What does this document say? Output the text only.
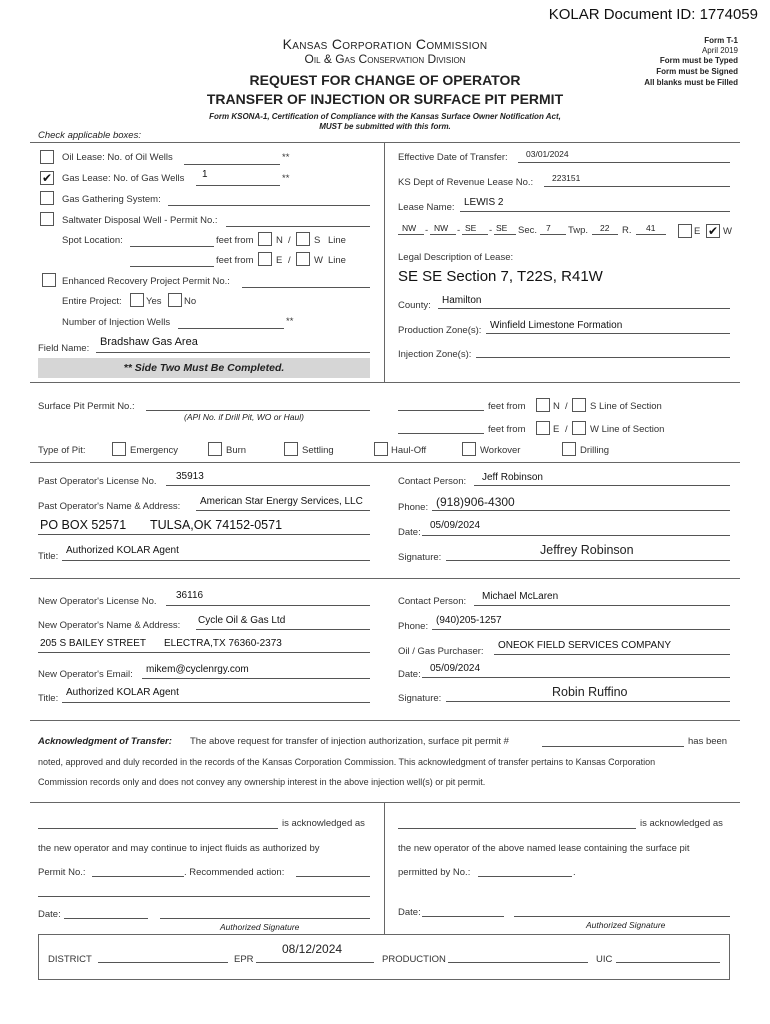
KOLAR Document ID: 1774059
Kansas Corporation Commission
Oil & Gas Conservation Division
REQUEST FOR CHANGE OF OPERATOR
TRANSFER OF INJECTION OR SURFACE PIT PERMIT
Form KSONA-1, Certification of Compliance with the Kansas Surface Owner Notification Act,
MUST be submitted with this form.
Form T-1
April 2019
Form must be Typed
Form must be Signed
All blanks must be Filled
Check applicable boxes:
Oil Lease: No. of Oil Wells	**
✔ Gas Lease: No. of Gas Wells 1	**
Gas Gathering System:
Saltwater Disposal Well - Permit No.:
Spot Location:	feet from N / S Line
feet from E / W Line
Enhanced Recovery Project Permit No.:
Entire Project:	Yes No
Number of Injection Wells	**
Field Name:
Bradshaw Gas Area
** Side Two Must Be Completed.
Effective Date of Transfer: 03/01/2024
KS Dept of Revenue Lease No.: 223151
Lease Name: LEWIS 2
NW - NW - SE - SE Sec. 7 Twp. 22 R. 41	E ✔ W
Legal Description of Lease:
SE SE Section 7, T22S, R41W
County: Hamilton
Production Zone(s): Winfield Limestone Formation
Injection Zone(s):
Surface Pit Permit No.:
(API No. if Drill Pit, WO or Haul)
feet from	N / S Line of Section
feet from	E / W Line of Section
Type of Pit:	Emergency	Burn	Settling	Haul-Off	Workover	Drilling
Past Operator's License No. 35913
Past Operator's Name & Address: American Star Energy Services, LLC
PO BOX 52571 TULSA,OK 74152-0571
Title:
Authorized KOLAR Agent
Contact Person: Jeff Robinson
Phone: (918)906-4300
Date:
05/09/2024
Signature:
Jeffrey Robinson
New Operator's License No.
36116
New Operator's Name & Address: Cycle Oil & Gas Ltd
205 S BAILEY STREET ELECTRA,TX 76360-2373
New Operator's Email: mikem@cyclenrgy.com
Title:
Authorized KOLAR Agent
Contact Person: Michael McLaren
Phone:
(940)205-1257
Oil / Gas Purchaser:
ONEOK FIELD SERVICES COMPANY
Date:
05/09/2024
Signature:	Robin Ruffino
Acknowledgment of Transfer: The above request for transfer of injection authorization, surface pit permit #	has been
noted, approved and duly recorded in the records of the Kansas Corporation Commission. This acknowledgment of transfer pertains to Kansas Corporation
Commission records only and does not convey any ownership interest in the above injection well(s) or pit permit.
is acknowledged as
the new operator and may continue to inject fluids as authorized by
Permit No.:	. Recommended action:
Date:
Authorized Signature
is acknowledged as
the new operator of the above named lease containing the surface pit
permitted by No.:	.
Date:
Authorized Signature
DISTRICT	EPR
08/12/2024
PRODUCTION	UIC
